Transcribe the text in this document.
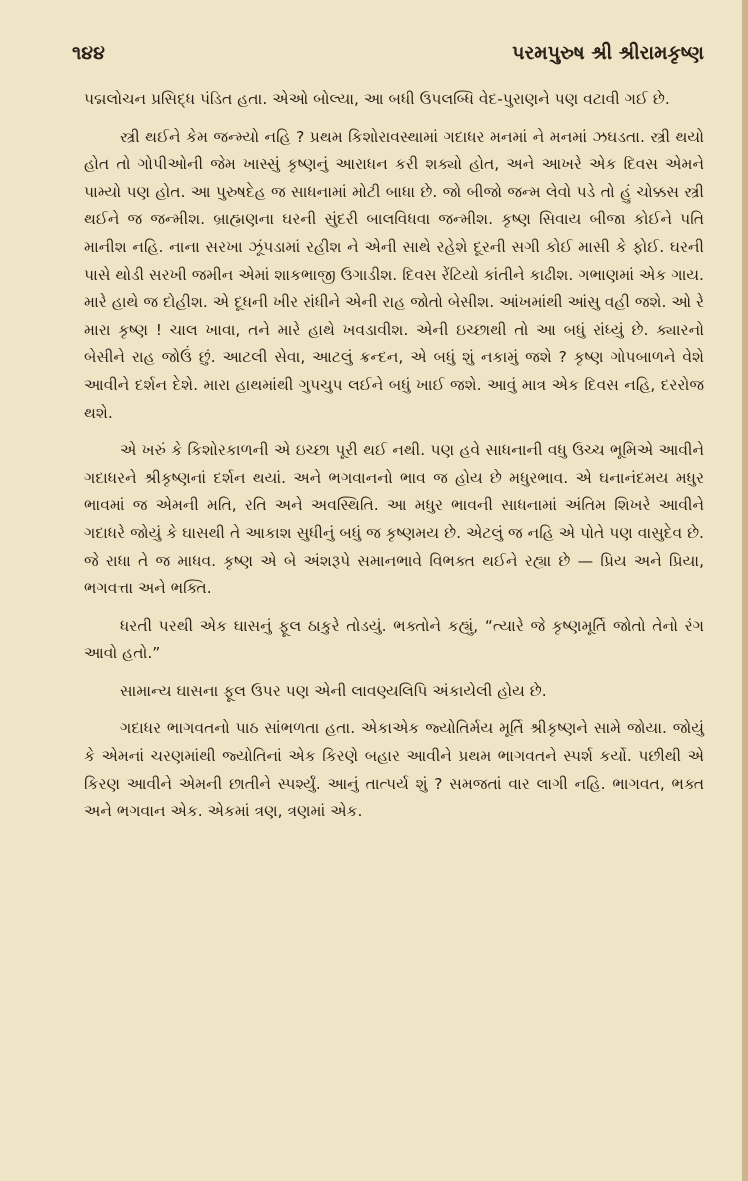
૧૪૪	પરમપુરુષ શ્રી શ્રીરામકૃષ્ણ

પદ્મલોચન પ્રસિદ્ધ પંડિત હતા. એઓ બોલ્યા, આ બધી ઉપલબ્ધિ વેદ-પુરાણને પણ વટાવી ગઈ છે.

સ્ત્રી થઈને કેમ જન્મ્યો નહિ ? પ્રથમ કિશોરાવસ્થામાં ગદાધર મનમાં ને મનમાં ઝઘડતા. સ્ત્રી થયો હોત તો ગોપીઓની જેમ ખાસ્સું કૃષ્ણનું આરાધન કરી શક્યો હોત, અને આખરે એક દિવસ એમને પામ્યો પણ હોત. આ પુરુષદેહ જ સાધનામાં મોટી બાધા છે. જો બીજો જન્મ લેવો પડે તો હું ચોક્કસ સ્ત્રી થઈને જ જન્મીશ. બ્રાહ્મણના ઘરની સુંદરી બાલવિધવા જન્મીશ. કૃષ્ણ સિવાય બીજા કોઈને પતિ માનીશ નહિ. નાના સરખા ઝૂંપડામાં રહીશ ને એની સાથે રહેશે દૂરની સગી કોઈ માસી કે ફોઈ. ઘરની પાસે થોડી સરખી જમીન એમાં શાકભાજી ઉગાડીશ. દિવસ રેંટિયો કાંતીને કાઢીશ. ગભાણમાં એક ગાય. મારે હાથે જ દોહીશ. એ દૂધની ખીર રાંધીને એની રાહ જોતો બેસીશ. આંખમાંથી આંસુ વહી જશે. ઓ રે મારા કૃષ્ણ ! ચાલ ખાવા, તને મારે હાથે ખવડાવીશ. એની ઇચ્છાથી તો આ બધું રાંધ્યું છે. ક્યારનો બેસીને રાહ જોઉં છું. આટલી સેવા, આટલું ક્રન્દન, એ બધું શું નકામું જશે ? કૃષ્ણ ગોપબાળને વેશે આવીને દર્શન દેશે. મારા હાથમાંથી ગુપચુપ લઈને બધું ખાઈ જશે. આવું માત્ર એક દિવસ નહિ, દરરોજ થશે.

એ ખરું કે કિશોરકાળની એ ઇચ્છા પૂરી થઈ નથી. પણ હવે સાધનાની વધુ ઉચ્ચ ભૂમિએ આવીને ગદાધરને શ્રીકૃષ્ણનાં દર્શન થયાં. અને ભગવાનનો ભાવ જ હોય છે મધુરભાવ. એ ઘનાનંદમય મધુર ભાવમાં જ એમની મતિ, રતિ અને અવસ્થિતિ. આ મધુર ભાવની સાધનામાં અંતિમ શિખરે આવીને ગદાધરે જોયું કે ઘાસથી તે આકાશ સુધીનું બધું જ કૃષ્ણમય છે. એટલું જ નહિ એ પોતે પણ વાસુદેવ છે. જે રાધા તે જ માધવ. કૃષ્ણ એ બે અંશરૂપે સમાનભાવે વિભક્ત થઈને રહ્યા છે — પ્રિય અને પ્રિયા, ભગવત્તા અને ભક્તિ.

ધરતી પરથી એક ઘાસનું ફૂલ ઠાકુરે તોડયું. ભક્તોને કહ્યું, “ત્યારે જે કૃષ્ણમૂર્તિ જોતો તેનો રંગ આવો હતો.”

સામાન્ય ઘાસના ફૂલ ઉપર પણ એની લાવણ્યલિપિ અંકાયેલી હોય છે.

ગદાધર ભાગવતનો પાઠ સાંભળતા હતા. એકાએક જ્યોતિર્મય મૂર્તિ શ્રીકૃષ્ણને સામે જોયા. જોયું કે એમનાં ચરણમાંથી જ્યોતિનાં એક કિરણે બહાર આવીને પ્રથમ ભાગવતને સ્પર્શ કર્યો. પછીથી એ કિરણ આવીને એમની છાતીને સ્પર્શ્યું. આનું તાત્પર્ય શું ? સમજતાં વાર લાગી નહિ. ભાગવત, ભક્ત અને ભગવાન એક. એકમાં ત્રણ, ત્રણમાં એક.
